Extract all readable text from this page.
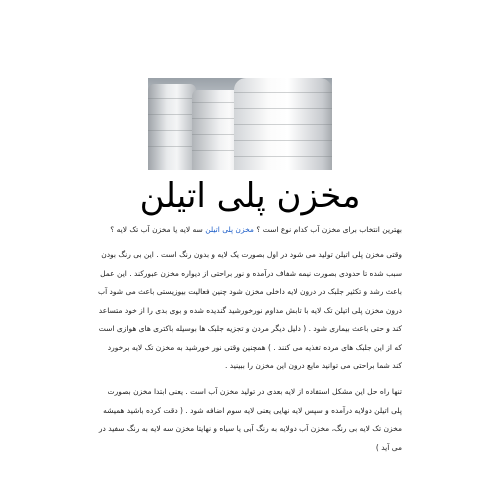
مخزن پلی اتیلن

بهترین انتخاب برای مخزن آب کدام نوع است ؟ مخزن پلی اتیلن سه لایه یا مخزن آب تک لایه ؟

وقتی مخزن پلی اتیلن تولید می شود در اول بصورت یک لایه و بدون رنگ است . این بی رنگ بودن سبب شده تا حدودی بصورت نیمه شفاف درآمده و نور براحتی از دیواره مخزن عبورکند . این عمل باعث رشد و تکثیر جلبک در درون لایه داخلی مخزن شود چنین فعالیت بیوزیستی باعث می شود آب درون مخزن پلی اتیلن تک لایه با تابش مداوم نورخورشید گندیده شده و بوی بدی را از خود متساعد کند و حتی باعث بیماری شود . ( دلیل دیگر مردن و تجزیه جلبک ها بوسیله باکتری های هوازی است که از این جلبک های مرده تغذیه می کنند . ) همچنین وقتی نور خورشید به مخزن تک لایه برخورد کند شما براحتی می توانید مایع درون این مخزن را ببینید .

تنها راه حل این مشکل استفاده از لایه بعدی در تولید مخزن آب است . یعنی ابتدا مخزن بصورت پلی اتیلن دولایه درآمده و سپس لایه نهایی یعنی لایه سوم اضافه شود . ( دقت کرده باشید همیشه مخزن تک لایه بی رنگ، مخزن آب دولایه به رنگ آبی یا سیاه و نهایتا مخزن سه لایه به رنگ سفید در می آید )
